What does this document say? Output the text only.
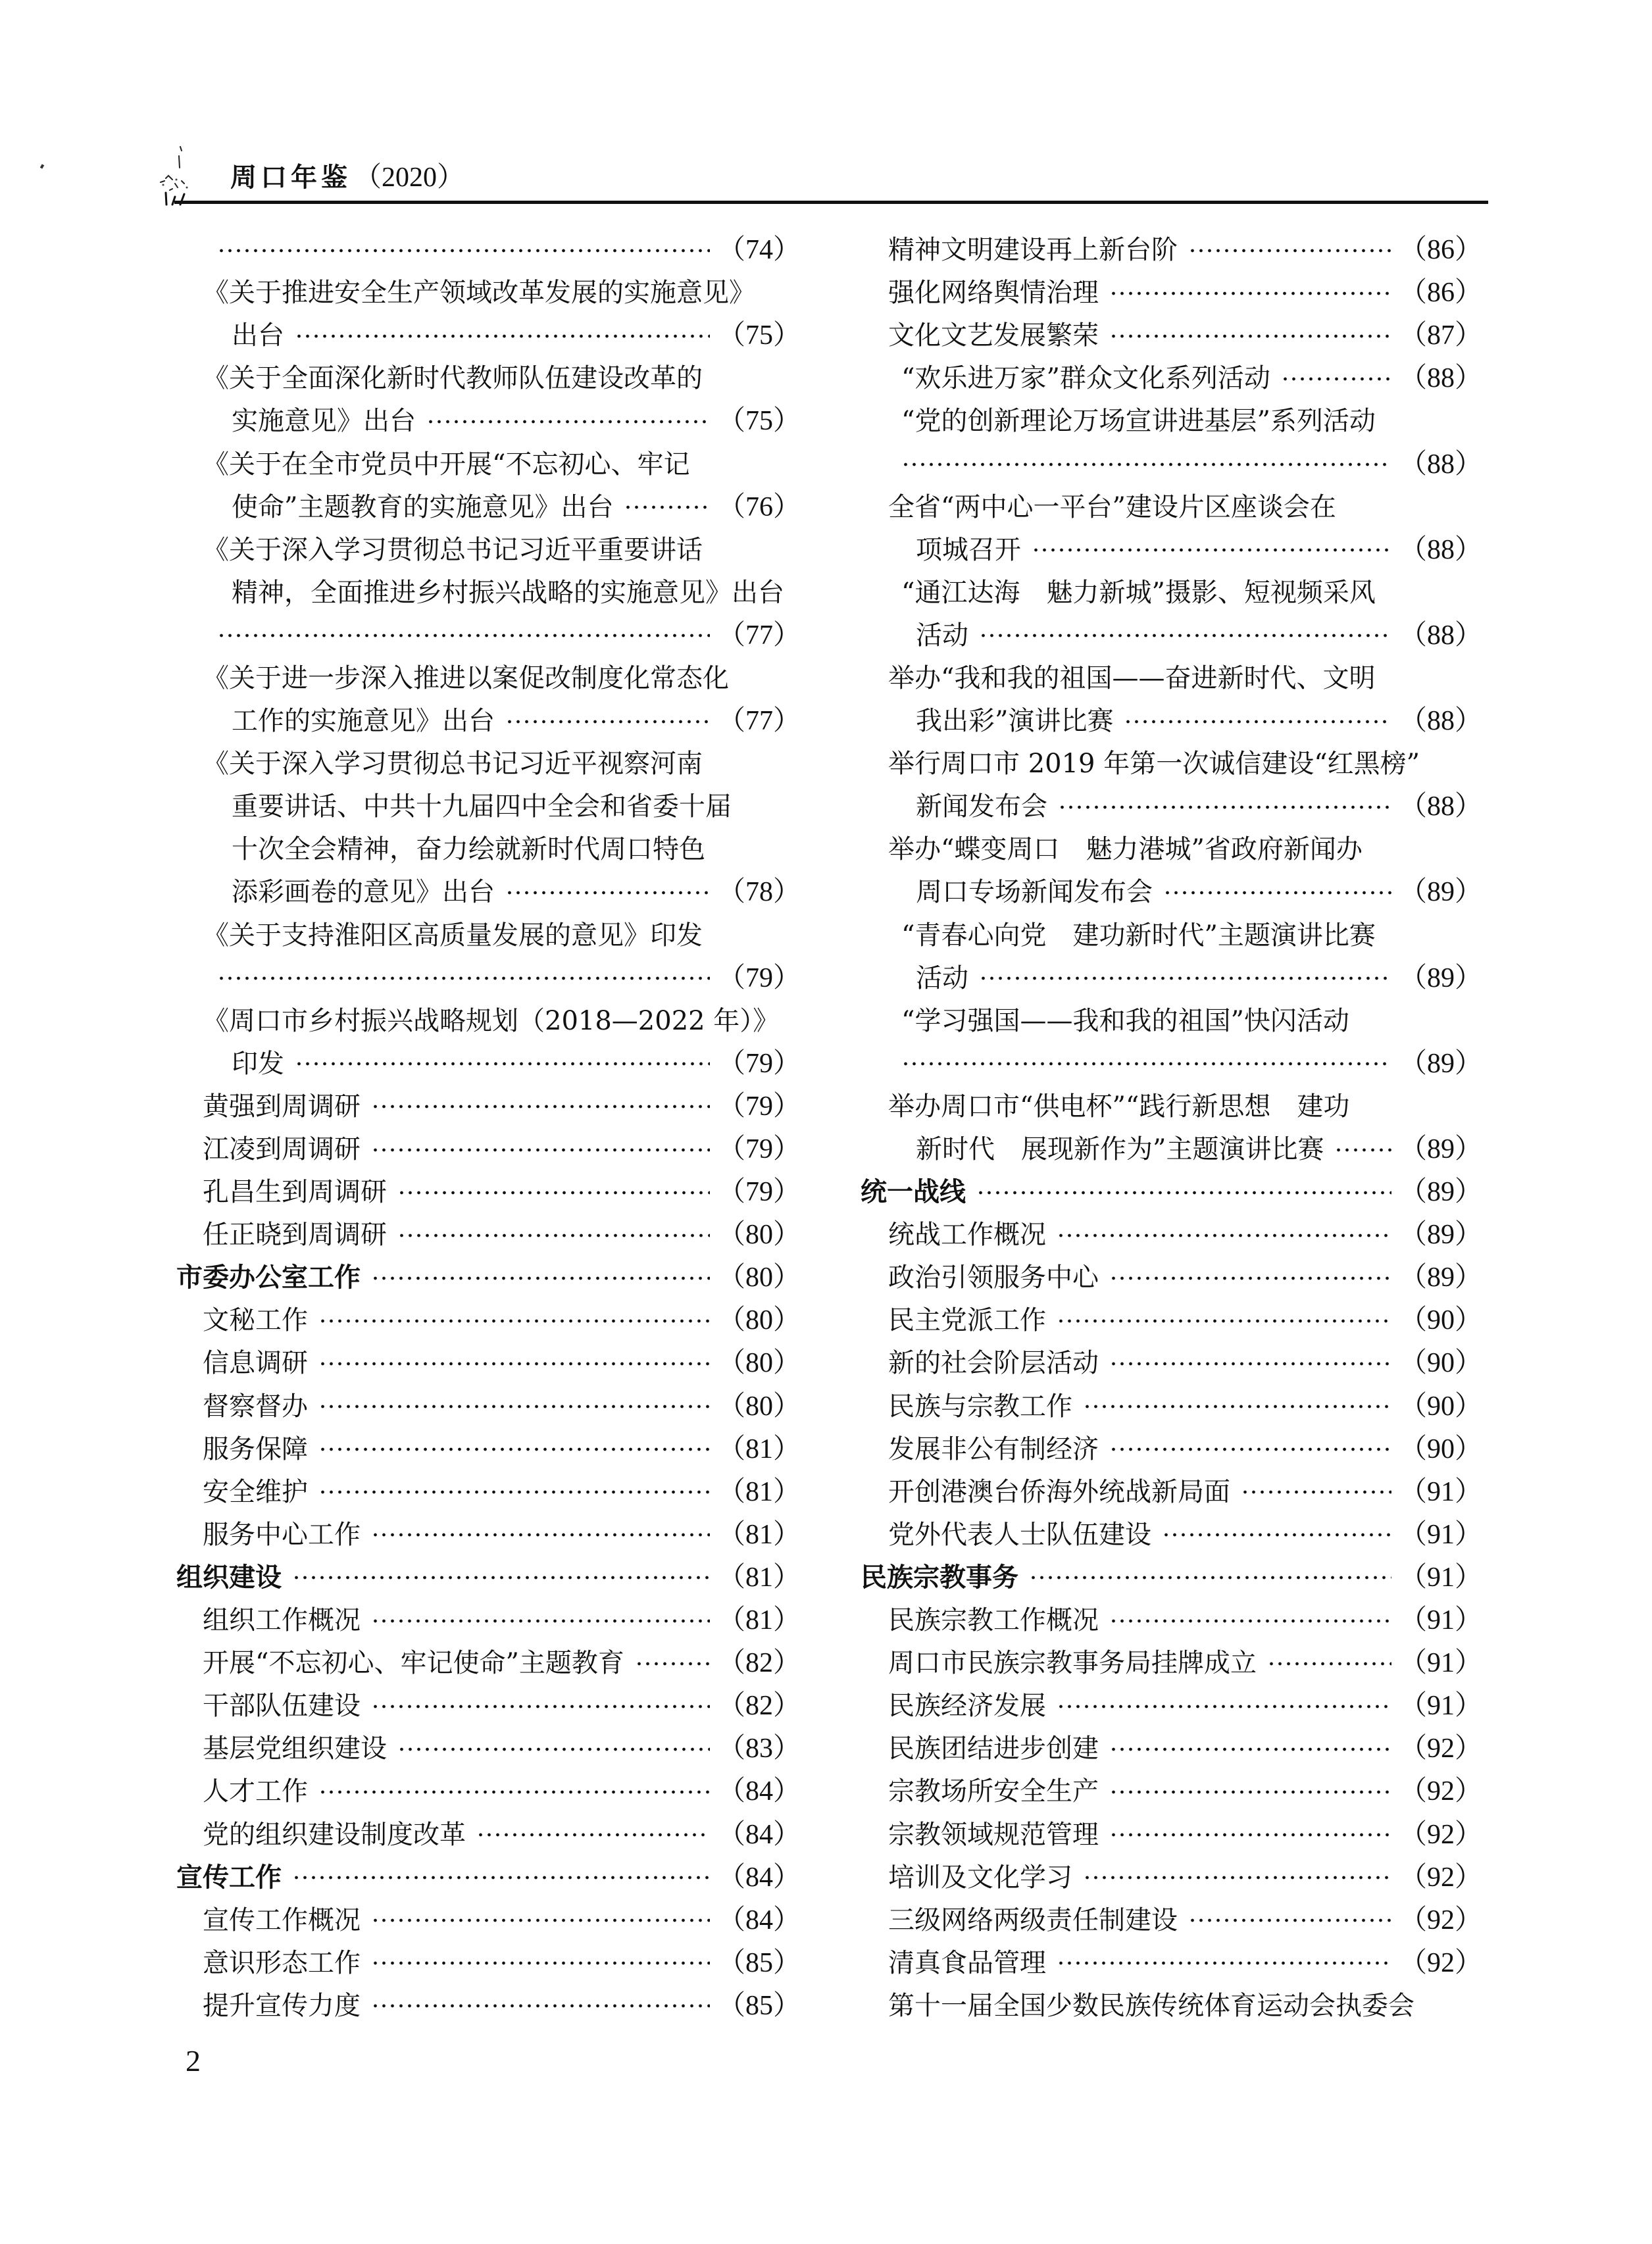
周口年鉴（2020）
（74）
《关于推进安全生产领域改革发展的实施意见》
出台	（75）
《关于全面深化新时代教师队伍建设改革的
实施意见》出台	（75）
《关于在全市党员中开展“不忘初心、牢记
使命”主题教育的实施意见》出台	（76）
《关于深入学习贯彻总书记习近平重要讲话
精神，全面推进乡村振兴战略的实施意见》出台
（77）
《关于进一步深入推进以案促改制度化常态化
工作的实施意见》出台	（77）
《关于深入学习贯彻总书记习近平视察河南
重要讲话、中共十九届四中全会和省委十届
十次全会精神，奋力绘就新时代周口特色
添彩画卷的意见》出台	（78）
《关于支持淮阳区高质量发展的意见》印发
（79）
《周口市乡村振兴战略规划（2018—2022 年）》
印发	（79）
黄强到周调研	（79）
江凌到周调研	（79）
孔昌生到周调研	（79）
任正晓到周调研	（80）
市委办公室工作	（80）
文秘工作	（80）
信息调研	（80）
督察督办	（80）
服务保障	（81）
安全维护	（81）
服务中心工作	（81）
组织建设	（81）
组织工作概况	（81）
开展“不忘初心、牢记使命”主题教育	（82）
干部队伍建设	（82）
基层党组织建设	（83）
人才工作	（84）
党的组织建设制度改革	（84）
宣传工作	（84）
宣传工作概况	（84）
意识形态工作	（85）
提升宣传力度	（85）
精神文明建设再上新台阶	（86）
强化网络舆情治理	（86）
文化文艺发展繁荣	（87）
“欢乐进万家”群众文化系列活动	（88）
“党的创新理论万场宣讲进基层”系列活动
（88）
全省“两中心一平台”建设片区座谈会在
项城召开	（88）
“通江达海　魅力新城”摄影、短视频采风
活动	（88）
举办“我和我的祖国——奋进新时代、文明
我出彩”演讲比赛	（88）
举行周口市 2019 年第一次诚信建设“红黑榜”
新闻发布会	（88）
举办“蝶变周口　魅力港城”省政府新闻办
周口专场新闻发布会	（89）
“青春心向党　建功新时代”主题演讲比赛
活动	（89）
“学习强国——我和我的祖国”快闪活动
（89）
举办周口市“供电杯”“践行新思想　建功
新时代　展现新作为”主题演讲比赛	（89）
统一战线	（89）
统战工作概况	（89）
政治引领服务中心	（89）
民主党派工作	（90）
新的社会阶层活动	（90）
民族与宗教工作	（90）
发展非公有制经济	（90）
开创港澳台侨海外统战新局面	（91）
党外代表人士队伍建设	（91）
民族宗教事务	（91）
民族宗教工作概况	（91）
周口市民族宗教事务局挂牌成立	（91）
民族经济发展	（91）
民族团结进步创建	（92）
宗教场所安全生产	（92）
宗教领域规范管理	（92）
培训及文化学习	（92）
三级网络两级责任制建设	（92）
清真食品管理	（92）
第十一届全国少数民族传统体育运动会执委会
2
